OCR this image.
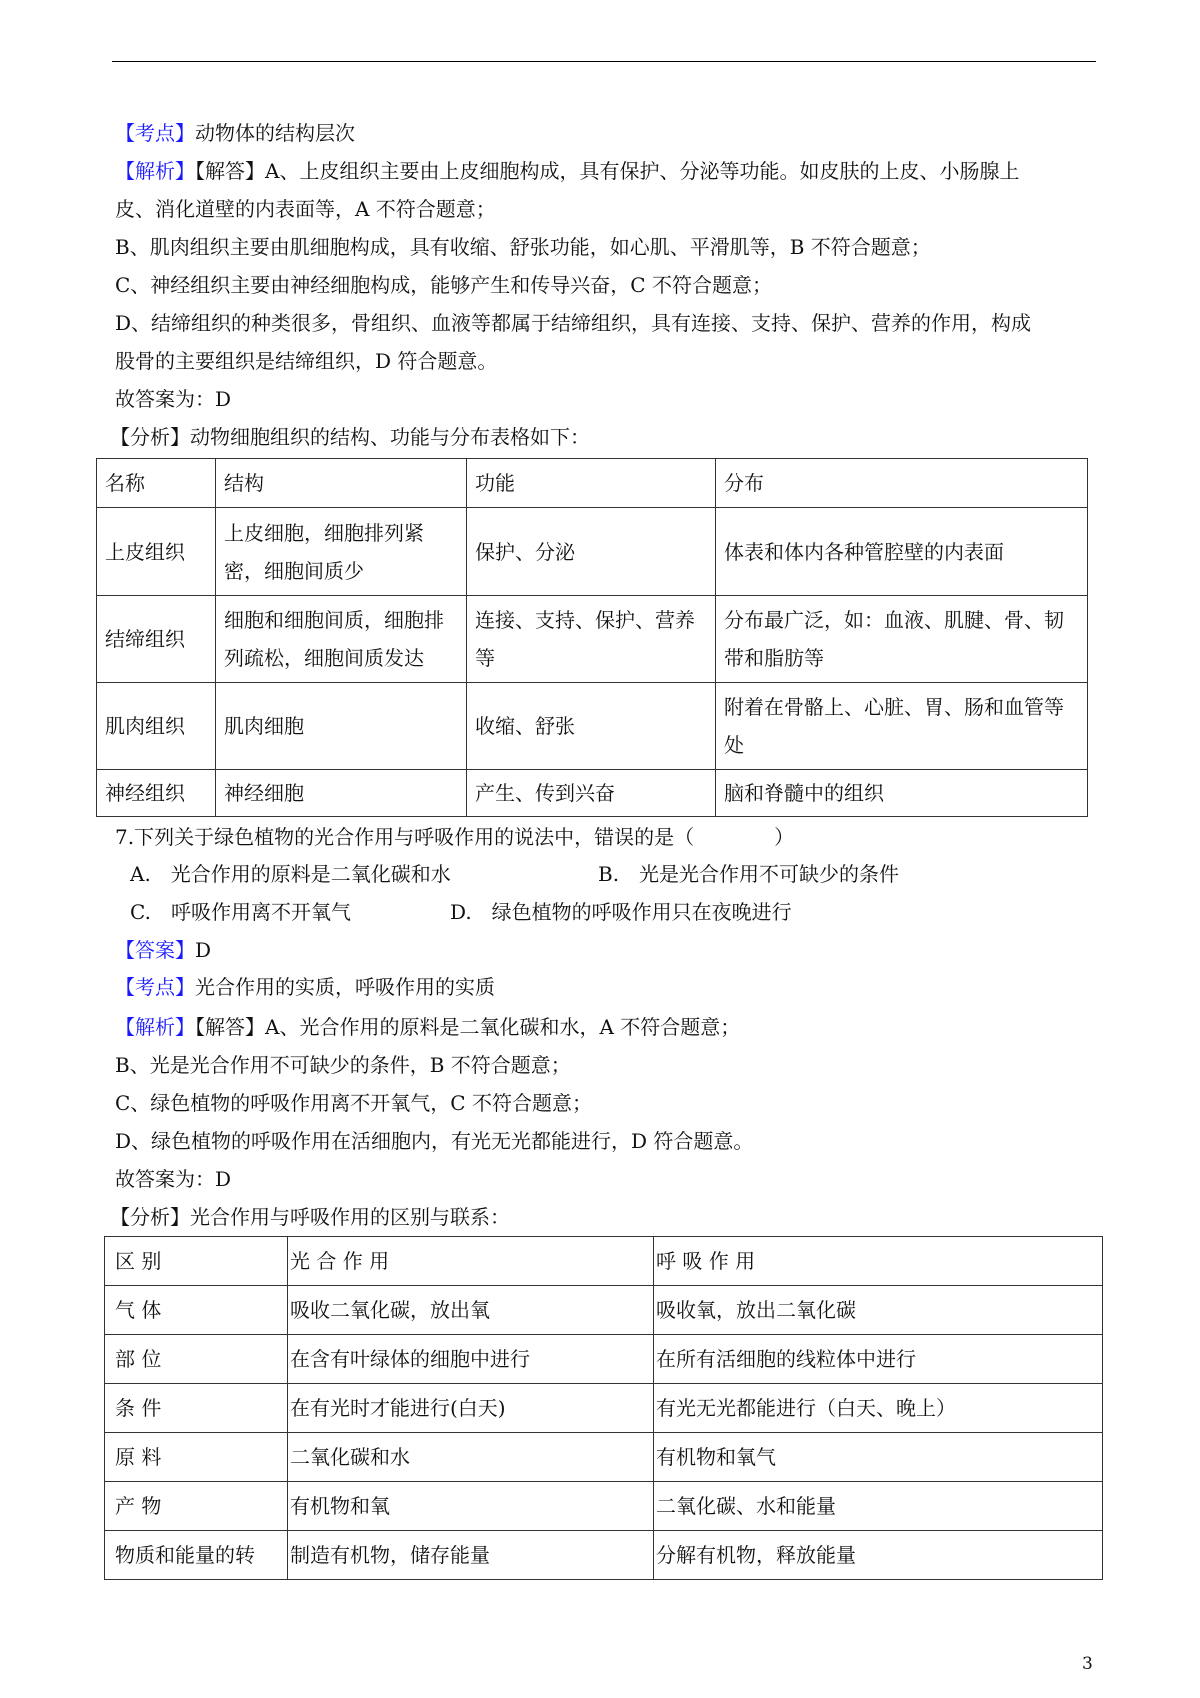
【考点】动物体的结构层次
【解析】【解答】A、上皮组织主要由上皮细胞构成，具有保护、分泌等功能。如皮肤的上皮、小肠腺上
皮、消化道壁的内表面等，A 不符合题意；
B、肌肉组织主要由肌细胞构成，具有收缩、舒张功能，如心肌、平滑肌等，B 不符合题意；
C、神经组织主要由神经细胞构成，能够产生和传导兴奋，C 不符合题意；
D、结缔组织的种类很多，骨组织、血液等都属于结缔组织，具有连接、支持、保护、营养的作用，构成
股骨的主要组织是结缔组织，D 符合题意。
故答案为：D
【分析】动物细胞组织的结构、功能与分布表格如下：
名称	结构	功能	分布
上皮组织	上皮细胞，细胞排列紧密，细胞间质少	保护、分泌	体表和体内各种管腔壁的内表面
结缔组织	细胞和细胞间质，细胞排列疏松，细胞间质发达	连接、支持、保护、营养等	分布最广泛，如：血液、肌腱、骨、韧带和脂肪等
肌肉组织	肌肉细胞	收缩、舒张	附着在骨骼上、心脏、胃、肠和血管等处
神经组织	神经细胞	产生、传到兴奋	脑和脊髓中的组织
7.下列关于绿色植物的光合作用与呼吸作用的说法中，错误的是（　　　　）
A.　光合作用的原料是二氧化碳和水	B.　光是光合作用不可缺少的条件
C.　呼吸作用离不开氧气	D.　绿色植物的呼吸作用只在夜晚进行
【答案】D
【考点】光合作用的实质，呼吸作用的实质
【解析】【解答】A、光合作用的原料是二氧化碳和水，A 不符合题意；
B、光是光合作用不可缺少的条件，B 不符合题意；
C、绿色植物的呼吸作用离不开氧气，C 不符合题意；
D、绿色植物的呼吸作用在活细胞内，有光无光都能进行，D 符合题意。
故答案为：D
【分析】光合作用与呼吸作用的区别与联系：
区 别	光 合 作 用	呼 吸 作 用
气 体	吸收二氧化碳，放出氧	吸收氧，放出二氧化碳
部 位	在含有叶绿体的细胞中进行	在所有活细胞的线粒体中进行
条 件	在有光时才能进行(白天)	有光无光都能进行（白天、晚上）
原 料	二氧化碳和水	有机物和氧气
产 物	有机物和氧	二氧化碳、水和能量
物质和能量的转	制造有机物，储存能量	分解有机物，释放能量
3
